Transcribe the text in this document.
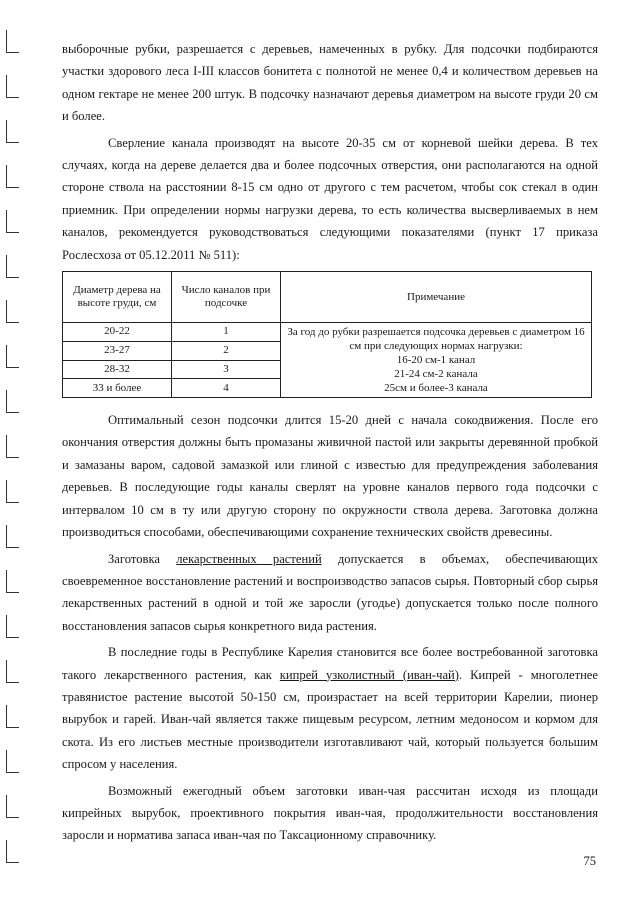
выборочные рубки, разрешается с деревьев, намеченных в рубку. Для подсочки подбираются участки здорового леса I-III классов бонитета с полнотой не менее 0,4 и количеством деревьев на одном гектаре не менее 200 штук. В подсочку назначают деревья диаметром на высоте груди 20 см и более.

Сверление канала производят на высоте 20-35 см от корневой шейки дерева. В тех случаях, когда на дереве делается два и более подсочных отверстия, они располагаются на одной стороне ствола на расстоянии 8-15 см одно от другого с тем расчетом, чтобы сок стекал в один приемник. При определении нормы нагрузки дерева, то есть количества высверливаемых в нем каналов, рекомендуется руководствоваться следующими показателями (пункт 17 приказа Рослесхоза от 05.12.2011 № 511):

Диаметр дерева на высоте груди, см	Число каналов при подсочке	Примечание
20-22	1	За год до рубки разрешается подсочка деревьев с диаметром 16 см при следующих нормах нагрузки:
16-20 см-1 канал
21-24 см-2 канала
25см и более-3 канала

23-27	2	
28-32	3	
33 и более	4	

Оптимальный сезон подсочки длится 15-20 дней с начала сокодвижения. После его окончания отверстия должны быть промазаны живичной пастой или закрыты деревянной пробкой и замазаны варом, садовой замазкой или глиной с известью для предупреждения заболевания деревьев. В последующие годы каналы сверлят на уровне каналов первого года подсочки с интервалом 10 см в ту или другую сторону по окружности ствола дерева. Заготовка должна производиться способами, обеспечивающими сохранение технических свойств древесины.

Заготовка лекарственных растений допускается в объемах, обеспечивающих своевременное восстановление растений и воспроизводство запасов сырья. Повторный сбор сырья лекарственных растений в одной и той же заросли (угодье) допускается только после полного восстановления запасов сырья конкретного вида растения.

В последние годы в Республике Карелия становится все более востребованной заготовка такого лекарственного растения, как кипрей узколистный (иван-чай). Кипрей - многолетнее травянистое растение высотой 50-150 см, произрастает на всей территории Карелии, пионер вырубок и гарей. Иван-чай является также пищевым ресурсом, летним медоносом и кормом для скота. Из его листьев местные производители изготавливают чай, который пользуется большим спросом у населения.

Возможный ежегодный объем заготовки иван-чая рассчитан исходя из площади кипрейных вырубок, проективного покрытия иван-чая, продолжительности восстановления заросли и норматива запаса иван-чая по Таксационному справочнику.

75
